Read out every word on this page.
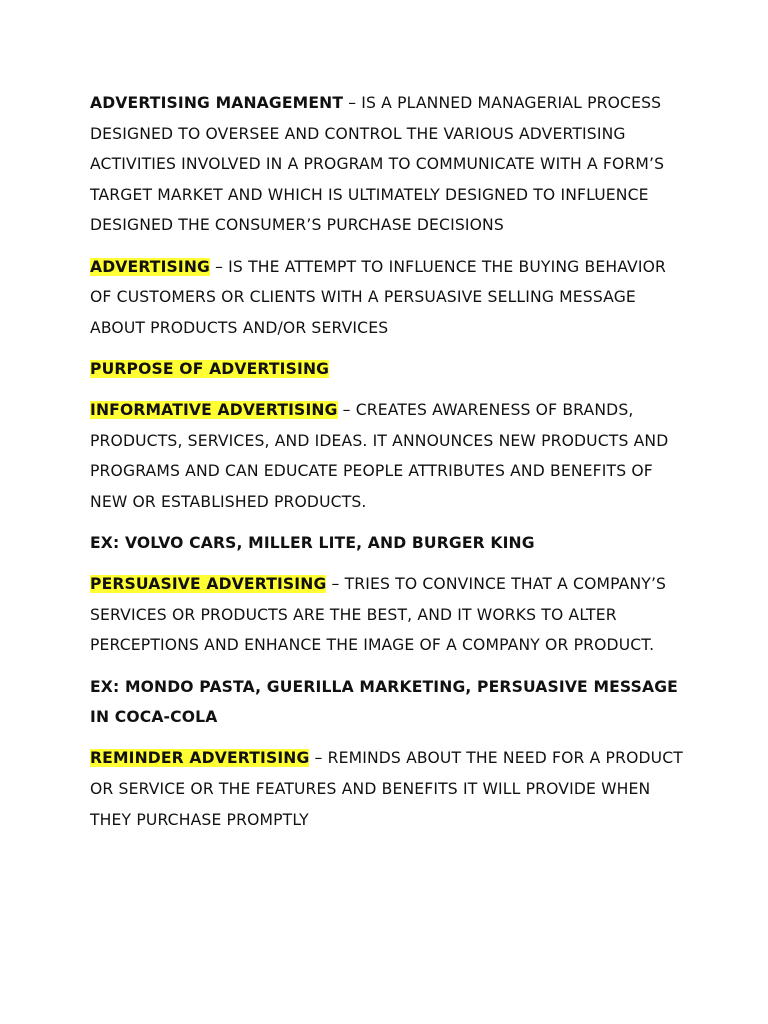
ADVERTISING MANAGEMENT – IS A PLANNED MANAGERIAL PROCESS DESIGNED TO OVERSEE AND CONTROL THE VARIOUS ADVERTISING ACTIVITIES INVOLVED IN A PROGRAM TO COMMUNICATE WITH A FORM’S TARGET MARKET AND WHICH IS ULTIMATELY DESIGNED TO INFLUENCE DESIGNED THE CONSUMER’S PURCHASE DECISIONS

ADVERTISING – IS THE ATTEMPT TO INFLUENCE THE BUYING BEHAVIOR OF CUSTOMERS OR CLIENTS WITH A PERSUASIVE SELLING MESSAGE ABOUT PRODUCTS AND/OR SERVICES

PURPOSE OF ADVERTISING

INFORMATIVE ADVERTISING – CREATES AWARENESS OF BRANDS, PRODUCTS, SERVICES, AND IDEAS. IT ANNOUNCES NEW PRODUCTS AND PROGRAMS AND CAN EDUCATE PEOPLE ATTRIBUTES AND BENEFITS OF NEW OR ESTABLISHED PRODUCTS.

EX: VOLVO CARS, MILLER LITE, AND BURGER KING

PERSUASIVE ADVERTISING – TRIES TO CONVINCE THAT A COMPANY’S SERVICES OR PRODUCTS ARE THE BEST, AND IT WORKS TO ALTER PERCEPTIONS AND ENHANCE THE IMAGE OF A COMPANY OR PRODUCT.

EX: MONDO PASTA, GUERILLA MARKETING, PERSUASIVE MESSAGE IN COCA-COLA

REMINDER ADVERTISING – REMINDS ABOUT THE NEED FOR A PRODUCT OR SERVICE OR THE FEATURES AND BENEFITS IT WILL PROVIDE WHEN THEY PURCHASE PROMPTLY
